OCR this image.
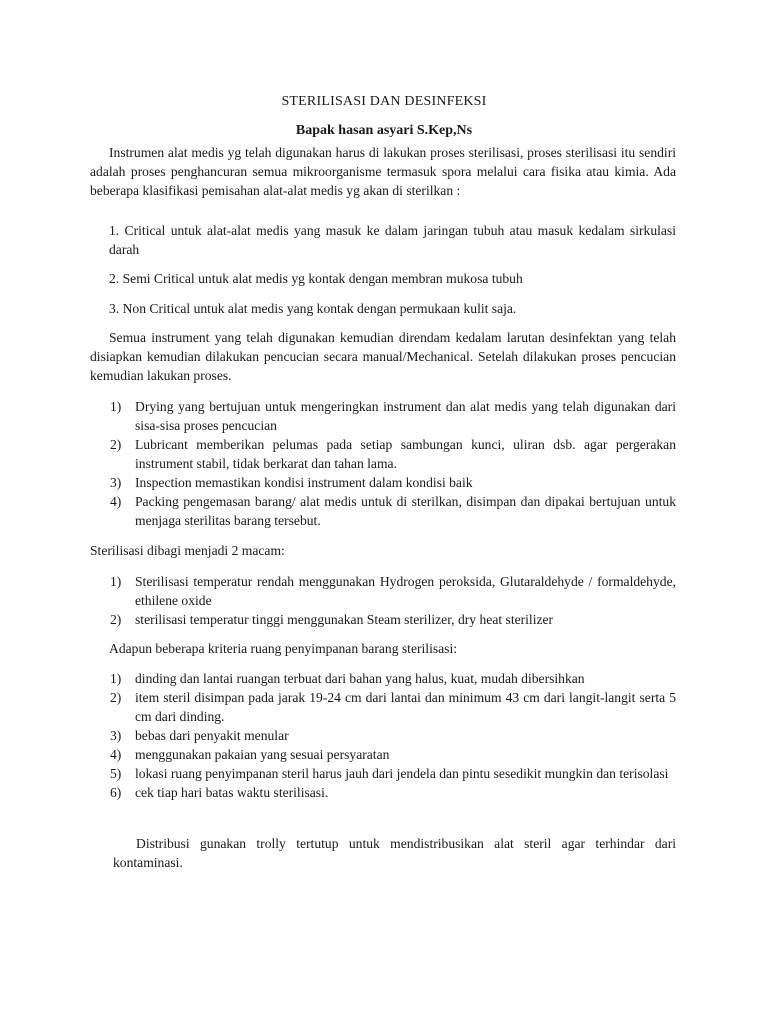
STERILISASI DAN DESINFEKSI
Bapak hasan asyari S.Kep,Ns

Instrumen alat medis yg telah digunakan harus di lakukan proses sterilisasi, proses sterilisasi itu sendiri adalah proses penghancuran semua mikroorganisme termasuk spora melalui cara fisika atau kimia. Ada beberapa klasifikasi pemisahan alat-alat medis yg akan di sterilkan :

1. Critical untuk alat-alat medis yang masuk ke dalam jaringan tubuh atau masuk kedalam sirkulasi darah

2. Semi Critical untuk alat medis yg kontak dengan membran mukosa tubuh

3. Non Critical untuk alat medis yang kontak dengan permukaan kulit saja.

Semua instrument yang telah digunakan kemudian direndam kedalam larutan desinfektan yang telah disiapkan kemudian dilakukan pencucian secara manual/Mechanical. Setelah dilakukan proses pencucian kemudian lakukan proses.

1) Drying yang bertujuan untuk mengeringkan instrument dan alat medis yang telah digunakan dari sisa-sisa proses pencucian
2) Lubricant memberikan pelumas pada setiap sambungan kunci, uliran dsb. agar pergerakan instrument stabil, tidak berkarat dan tahan lama.
3) Inspection memastikan kondisi instrument dalam kondisi baik
4) Packing pengemasan barang/ alat medis untuk di sterilkan, disimpan dan dipakai bertujuan untuk menjaga sterilitas barang tersebut.

Sterilisasi dibagi menjadi 2 macam:

1) Sterilisasi temperatur rendah menggunakan Hydrogen peroksida, Glutaraldehyde / formaldehyde, ethilene oxide
2) sterilisasi temperatur tinggi menggunakan Steam sterilizer, dry heat sterilizer

Adapun beberapa kriteria ruang penyimpanan barang sterilisasi:

1) dinding dan lantai ruangan terbuat dari bahan yang halus, kuat, mudah dibersihkan
2) item steril disimpan pada jarak 19-24 cm dari lantai dan minimum 43 cm dari langit-langit serta 5 cm dari dinding.
3) bebas dari penyakit menular
4) menggunakan pakaian yang sesuai persyaratan
5) lokasi ruang penyimpanan steril harus jauh dari jendela dan pintu sesedikit mungkin dan terisolasi
6) cek tiap hari batas waktu sterilisasi.

Distribusi gunakan trolly tertutup untuk mendistribusikan alat steril agar terhindar dari kontaminasi.
